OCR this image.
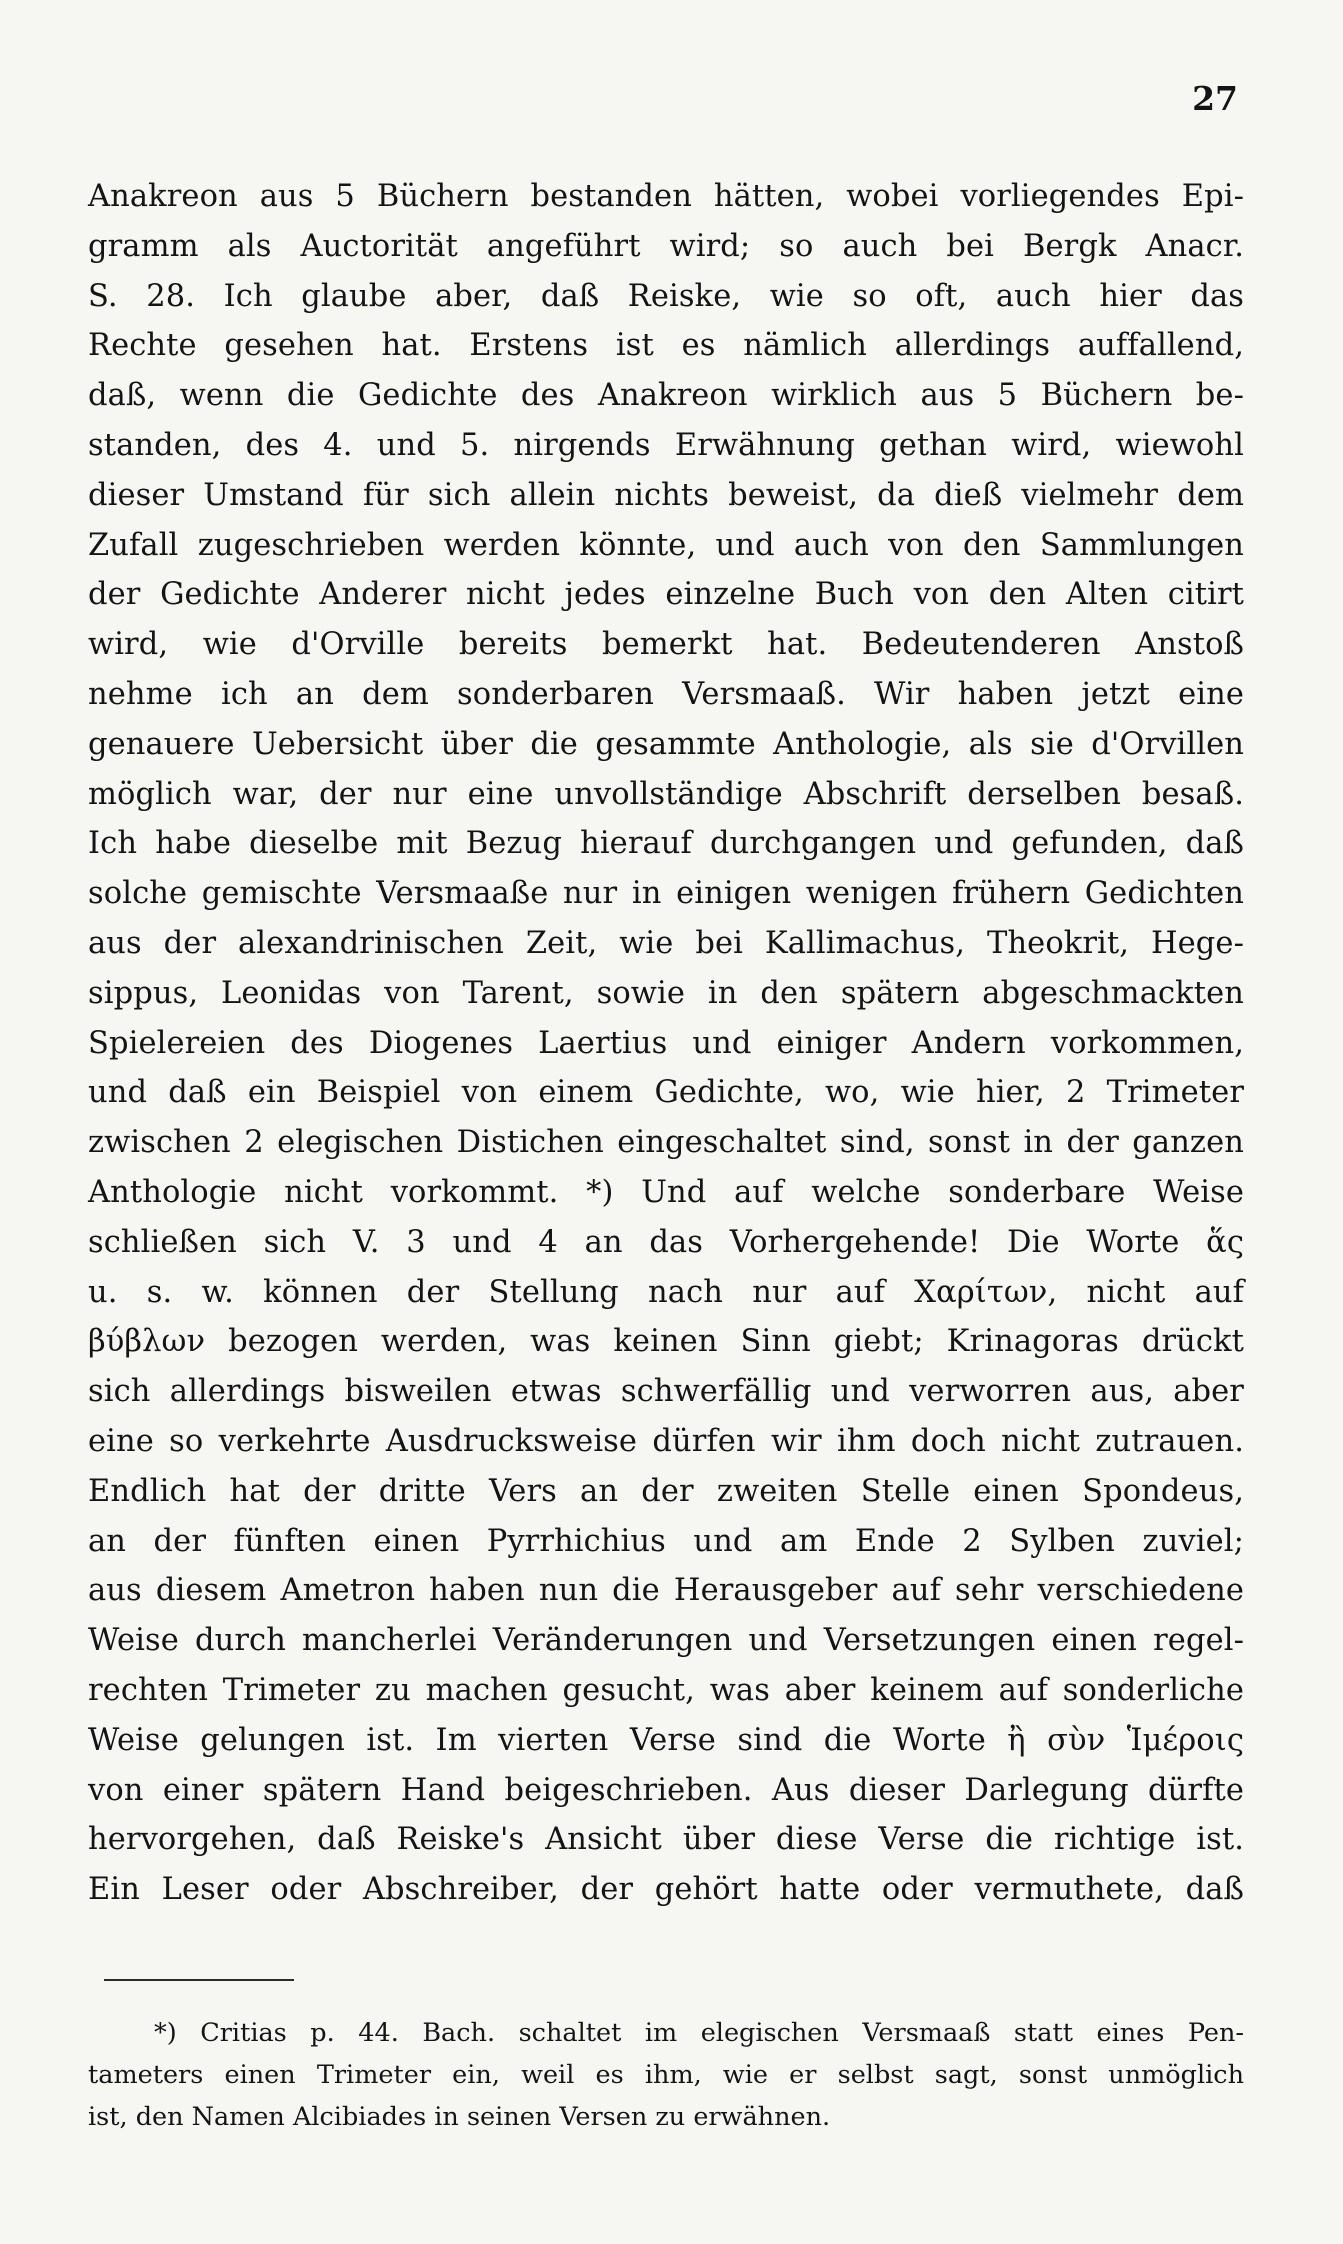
27
Anakreon aus 5 Büchern bestanden hätten, wobei vorliegendes Epi-
gramm als Auctorität angeführt wird; so auch bei Bergk Anacr.
S. 28. Ich glaube aber, daß Reiske, wie so oft, auch hier das
Rechte gesehen hat. Erstens ist es nämlich allerdings auffallend,
daß, wenn die Gedichte des Anakreon wirklich aus 5 Büchern be-
standen, des 4. und 5. nirgends Erwähnung gethan wird, wiewohl
dieser Umstand für sich allein nichts beweist, da dieß vielmehr dem
Zufall zugeschrieben werden könnte, und auch von den Sammlungen
der Gedichte Anderer nicht jedes einzelne Buch von den Alten citirt
wird, wie d'Orville bereits bemerkt hat. Bedeutenderen Anstoß
nehme ich an dem sonderbaren Versmaaß. Wir haben jetzt eine
genauere Uebersicht über die gesammte Anthologie, als sie d'Orvillen
möglich war, der nur eine unvollständige Abschrift derselben besaß.
Ich habe dieselbe mit Bezug hierauf durchgangen und gefunden, daß
solche gemischte Versmaaße nur in einigen wenigen frühern Gedichten
aus der alexandrinischen Zeit, wie bei Kallimachus, Theokrit, Hege-
sippus, Leonidas von Tarent, sowie in den spätern abgeschmackten
Spielereien des Diogenes Laertius und einiger Andern vorkommen,
und daß ein Beispiel von einem Gedichte, wo, wie hier, 2 Trimeter
zwischen 2 elegischen Distichen eingeschaltet sind, sonst in der ganzen
Anthologie nicht vorkommt. *) Und auf welche sonderbare Weise
schließen sich V. 3 und 4 an das Vorhergehende! Die Worte ἅς
u. s. w. können der Stellung nach nur auf Χαρίτων, nicht auf
βύβλων bezogen werden, was keinen Sinn giebt; Krinagoras drückt
sich allerdings bisweilen etwas schwerfällig und verworren aus, aber
eine so verkehrte Ausdrucksweise dürfen wir ihm doch nicht zutrauen.
Endlich hat der dritte Vers an der zweiten Stelle einen Spondeus,
an der fünften einen Pyrrhichius und am Ende 2 Sylben zuviel;
aus diesem Ametron haben nun die Herausgeber auf sehr verschiedene
Weise durch mancherlei Veränderungen und Versetzungen einen regel-
rechten Trimeter zu machen gesucht, was aber keinem auf sonderliche
Weise gelungen ist. Im vierten Verse sind die Worte ἢ σὺν Ἱμέροις
von einer spätern Hand beigeschrieben. Aus dieser Darlegung dürfte
hervorgehen, daß Reiske's Ansicht über diese Verse die richtige ist.
Ein Leser oder Abschreiber, der gehört hatte oder vermuthete, daß
*) Critias p. 44. Bach. schaltet im elegischen Versmaaß statt eines Pen-
tameters einen Trimeter ein, weil es ihm, wie er selbst sagt, sonst unmöglich
ist, den Namen Alcibiades in seinen Versen zu erwähnen.
